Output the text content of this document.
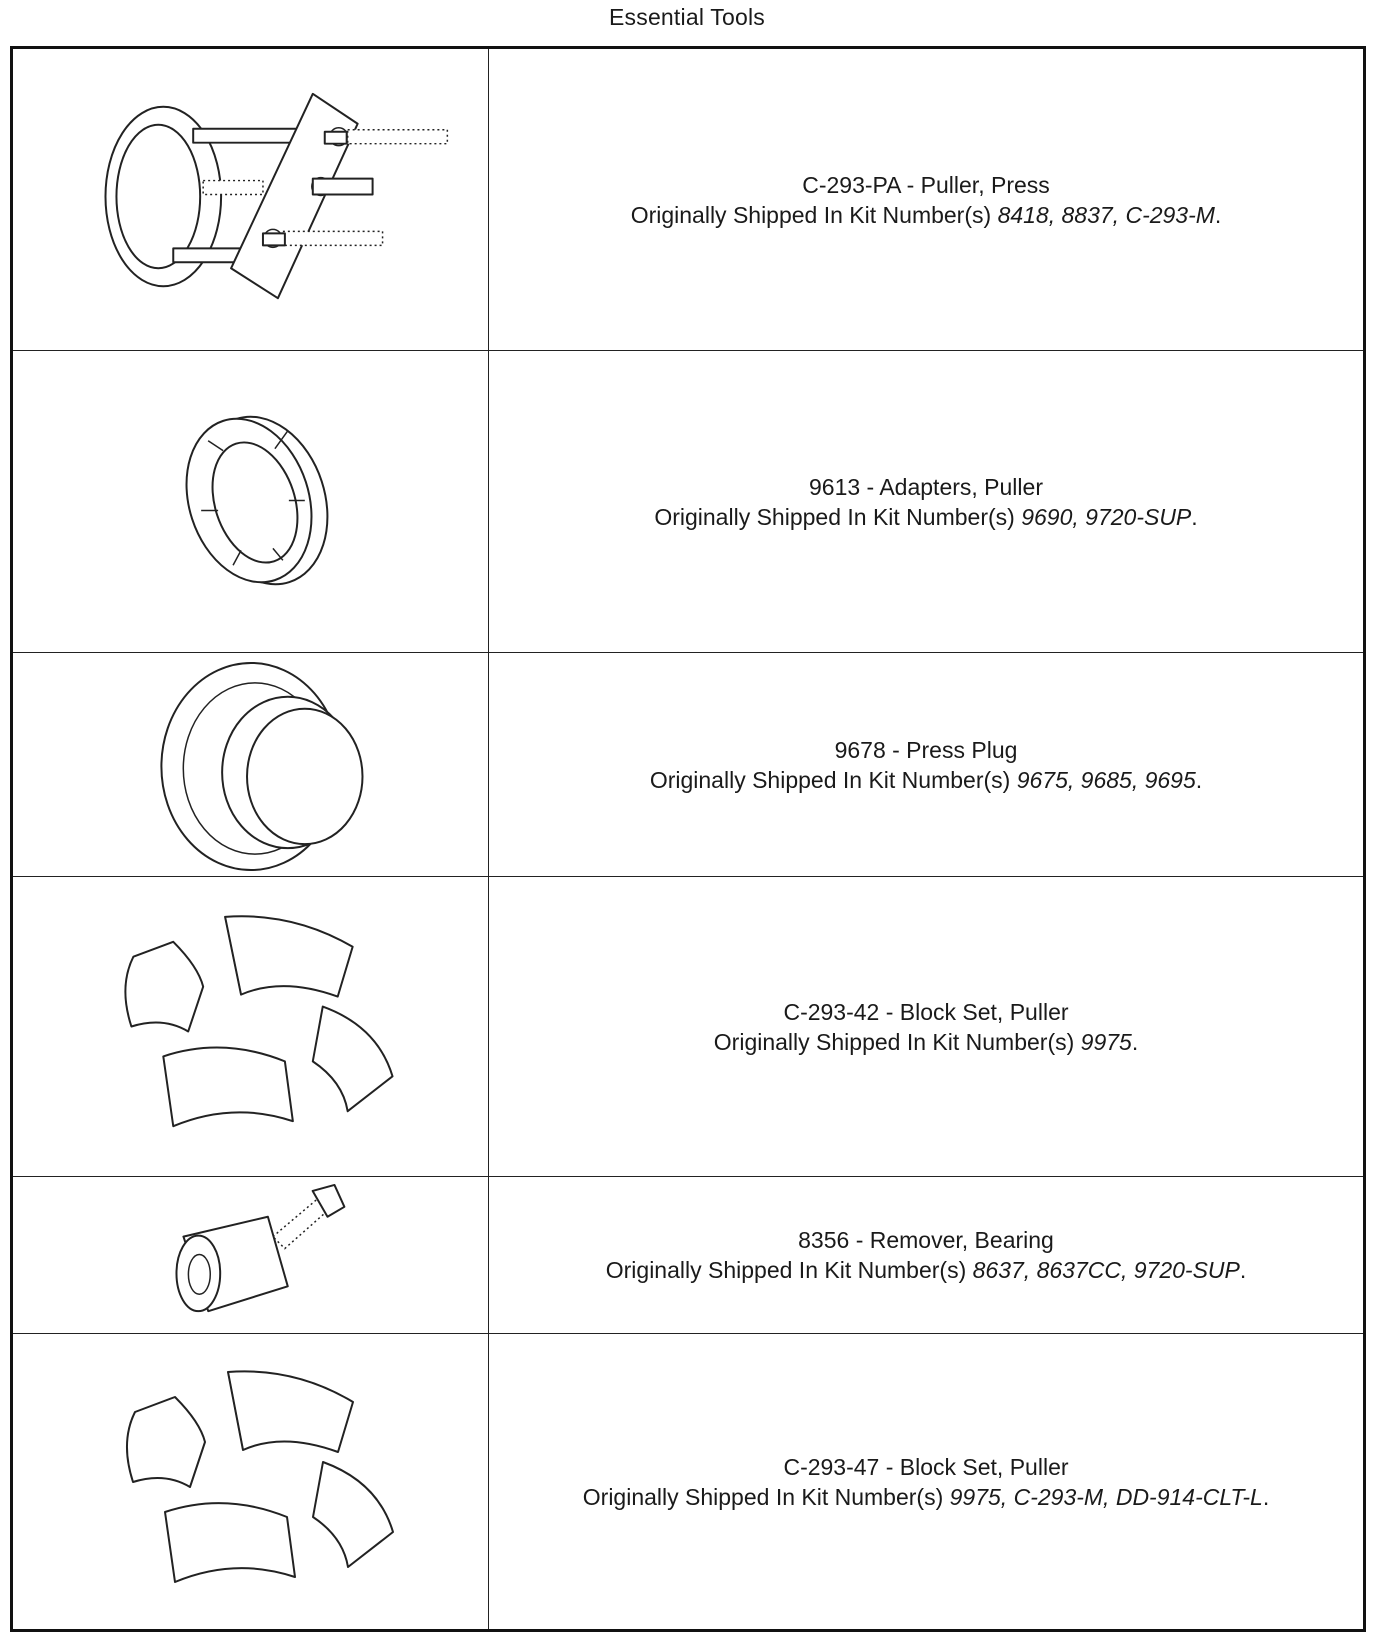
Essential Tools
C-293-PA - Puller, Press
Originally Shipped In Kit Number(s) 8418, 8837, C-293-M.
9613 - Adapters, Puller
Originally Shipped In Kit Number(s) 9690, 9720-SUP.
9678 - Press Plug
Originally Shipped In Kit Number(s) 9675, 9685, 9695.
C-293-42 - Block Set, Puller
Originally Shipped In Kit Number(s) 9975.
8356 - Remover, Bearing
Originally Shipped In Kit Number(s) 8637, 8637CC, 9720-SUP.
C-293-47 - Block Set, Puller
Originally Shipped In Kit Number(s) 9975, C-293-M, DD-914-CLT-L.
